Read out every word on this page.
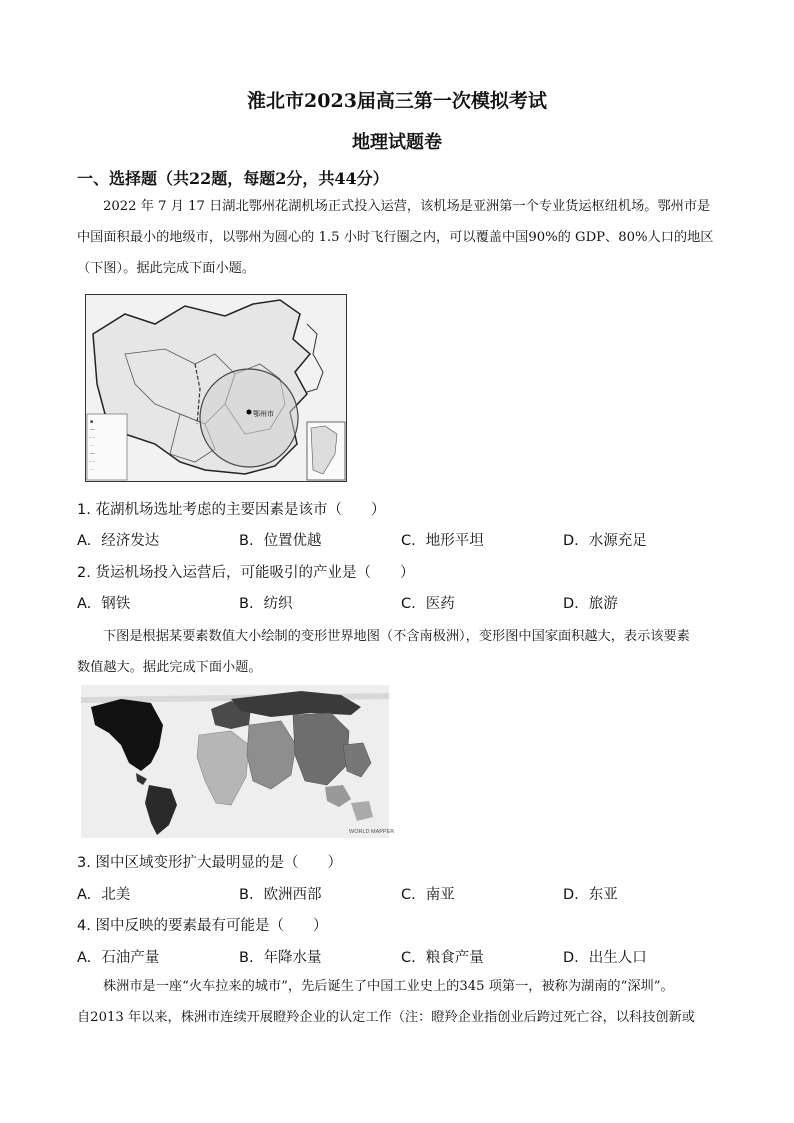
淮北市2023届高三第一次模拟考试
地理试题卷
一、选择题（共22题，每题2分，共44分）
2022 年 7 月 17 日湖北鄂州花湖机场正式投入运营，该机场是亚洲第一个专业货运枢纽机场。鄂州市是
中国面积最小的地级市，以鄂州为圆心的 1.5 小时飞行圈之内，可以覆盖中国90%的 GDP、80%人口的地区
（下图）。据此完成下面小题。
鄂州市
■
—
- -
··
—
- -
··
1. 花湖机场选址考虑的主要因素是该市（　　）
A. 经济发达	B. 位置优越	C. 地形平坦	D. 水源充足
2. 货运机场投入运营后，可能吸引的产业是（　　）
A. 钢铁	B. 纺织	C. 医药	D. 旅游
下图是根据某要素数值大小绘制的变形世界地图（不含南极洲），变形图中国家面积越大，表示该要素
数值越大。据此完成下面小题。
WORLD MAPPER
3. 图中区域变形扩大最明显的是（　　）
A. 北美	B. 欧洲西部	C. 南亚	D. 东亚
4. 图中反映的要素最有可能是（　　）
A. 石油产量	B. 年降水量	C. 粮食产量	D. 出生人口
株洲市是一座“火车拉来的城市”，先后诞生了中国工业史上的345 项第一，被称为湖南的“深圳”。
自2013 年以来，株洲市连续开展瞪羚企业的认定工作（注：瞪羚企业指创业后跨过死亡谷，以科技创新或
